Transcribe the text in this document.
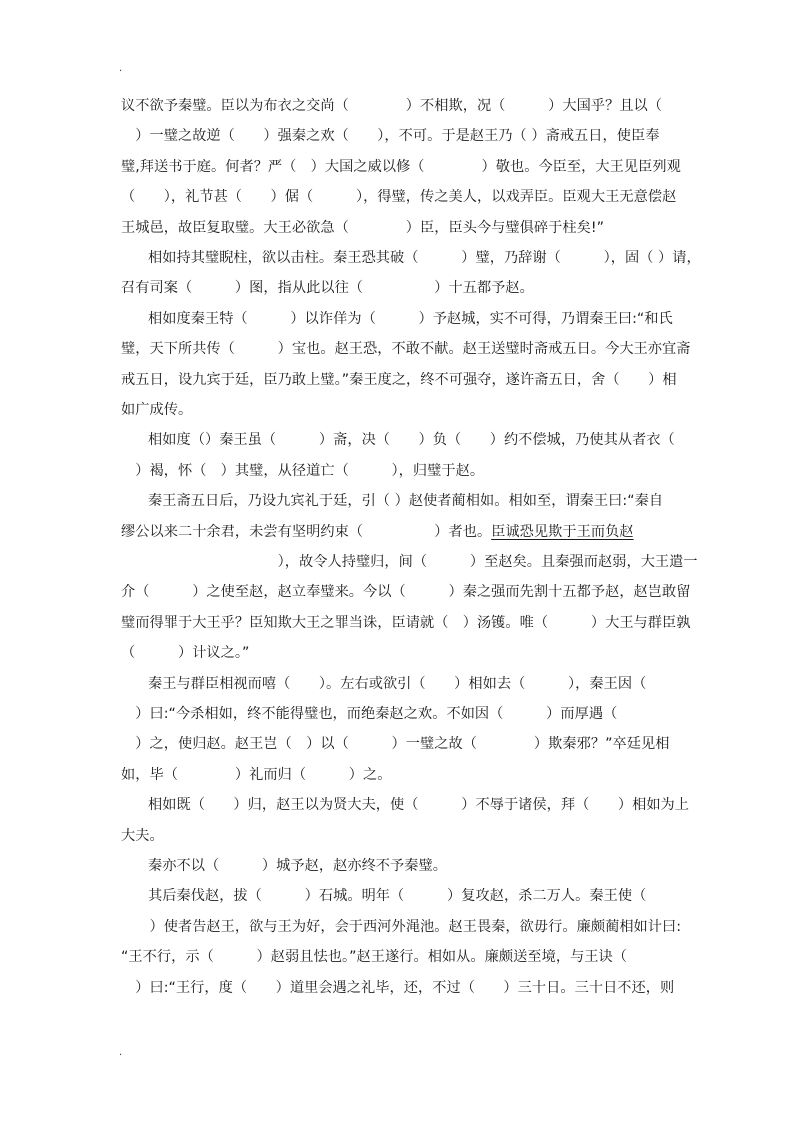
.
议不欲予秦璧。臣以为布衣之交尚（　　　　）不相欺，况（　　　）大国乎？且以（
　）一璧之故逆（　　）强秦之欢（　　），不可。于是赵王乃（ ）斋戒五日，使臣奉
璧,拜送书于庭。何者？严（　）大国之威以修（　　　　）敬也。今臣至，大王见臣列观
（　　），礼节甚（　　）倨（　　　），得璧，传之美人，以戏弄臣。臣观大王无意偿赵
王城邑，故臣复取璧。大王必欲急（　　　　）臣，臣头今与璧俱碎于柱矣!”
相如持其璧睨柱，欲以击柱。秦王恐其破（　　　）璧，乃辞谢（　　　），固（ ）请，
召有司案（　　　）图，指从此以往（　　　　　）十五都予赵。
相如度秦王特（　　　）以诈佯为（　　　）予赵城，实不可得，乃谓秦王曰:“和氏
璧，天下所共传（　　　）宝也。赵王恐，不敢不献。赵王送璧时斋戒五日。今大王亦宜斋
戒五日，设九宾于廷，臣乃敢上璧。”秦王度之，终不可强夺，遂许斋五日，舍（　　）相
如广成传。
相如度（）秦王虽（　　　）斋，决（　　）负（　　）约不偿城，乃使其从者衣（
　）褐，怀（　）其璧，从径道亡（　　　），归璧于赵。
秦王斋五日后，乃设九宾礼于廷，引（ ）赵使者蔺相如。相如至，谓秦王曰:“秦自
缪公以来二十余君，未尝有坚明约束（　　　　　）者也。臣诚恐见欺于王而负赵
　　　　　　　　　　　），故令人持璧归，间（　　　）至赵矣。且秦强而赵弱，大王遣一
介（　　　）之使至赵，赵立奉璧来。今以（　　　）秦之强而先割十五都予赵，赵岂敢留
璧而得罪于大王乎？臣知欺大王之罪当诛，臣请就（　）汤镬。唯（　　　）大王与群臣孰
（　　　）计议之。”
秦王与群臣相视而嘻（　　）。左右或欲引（　　）相如去（　　　），秦王因（
　）曰:“今杀相如，终不能得璧也，而绝秦赵之欢。不如因（　　　）而厚遇（
　）之，使归赵。赵王岂（　）以（　　　）一璧之故（　　　　）欺秦邪？”卒廷见相
如，毕（　　　　）礼而归（　　　）之。
相如既（　　）归，赵王以为贤大夫，使（　　　）不辱于诸侯，拜（　　）相如为上
大夫。
秦亦不以（　　　）城予赵，赵亦终不予秦璧。
其后秦伐赵，拔（　　　）石城。明年（　　　）复攻赵，杀二万人。秦王使（
　　）使者告赵王，欲与王为好，会于西河外渑池。赵王畏秦，欲毋行。廉颇蔺相如计曰:
“王不行，示（　　　）赵弱且怯也。”赵王遂行。相如从。廉颇送至境，与王诀（
　）曰:“王行，度（　　）道里会遇之礼毕，还，不过（　　）三十日。三十日不还，则
.
